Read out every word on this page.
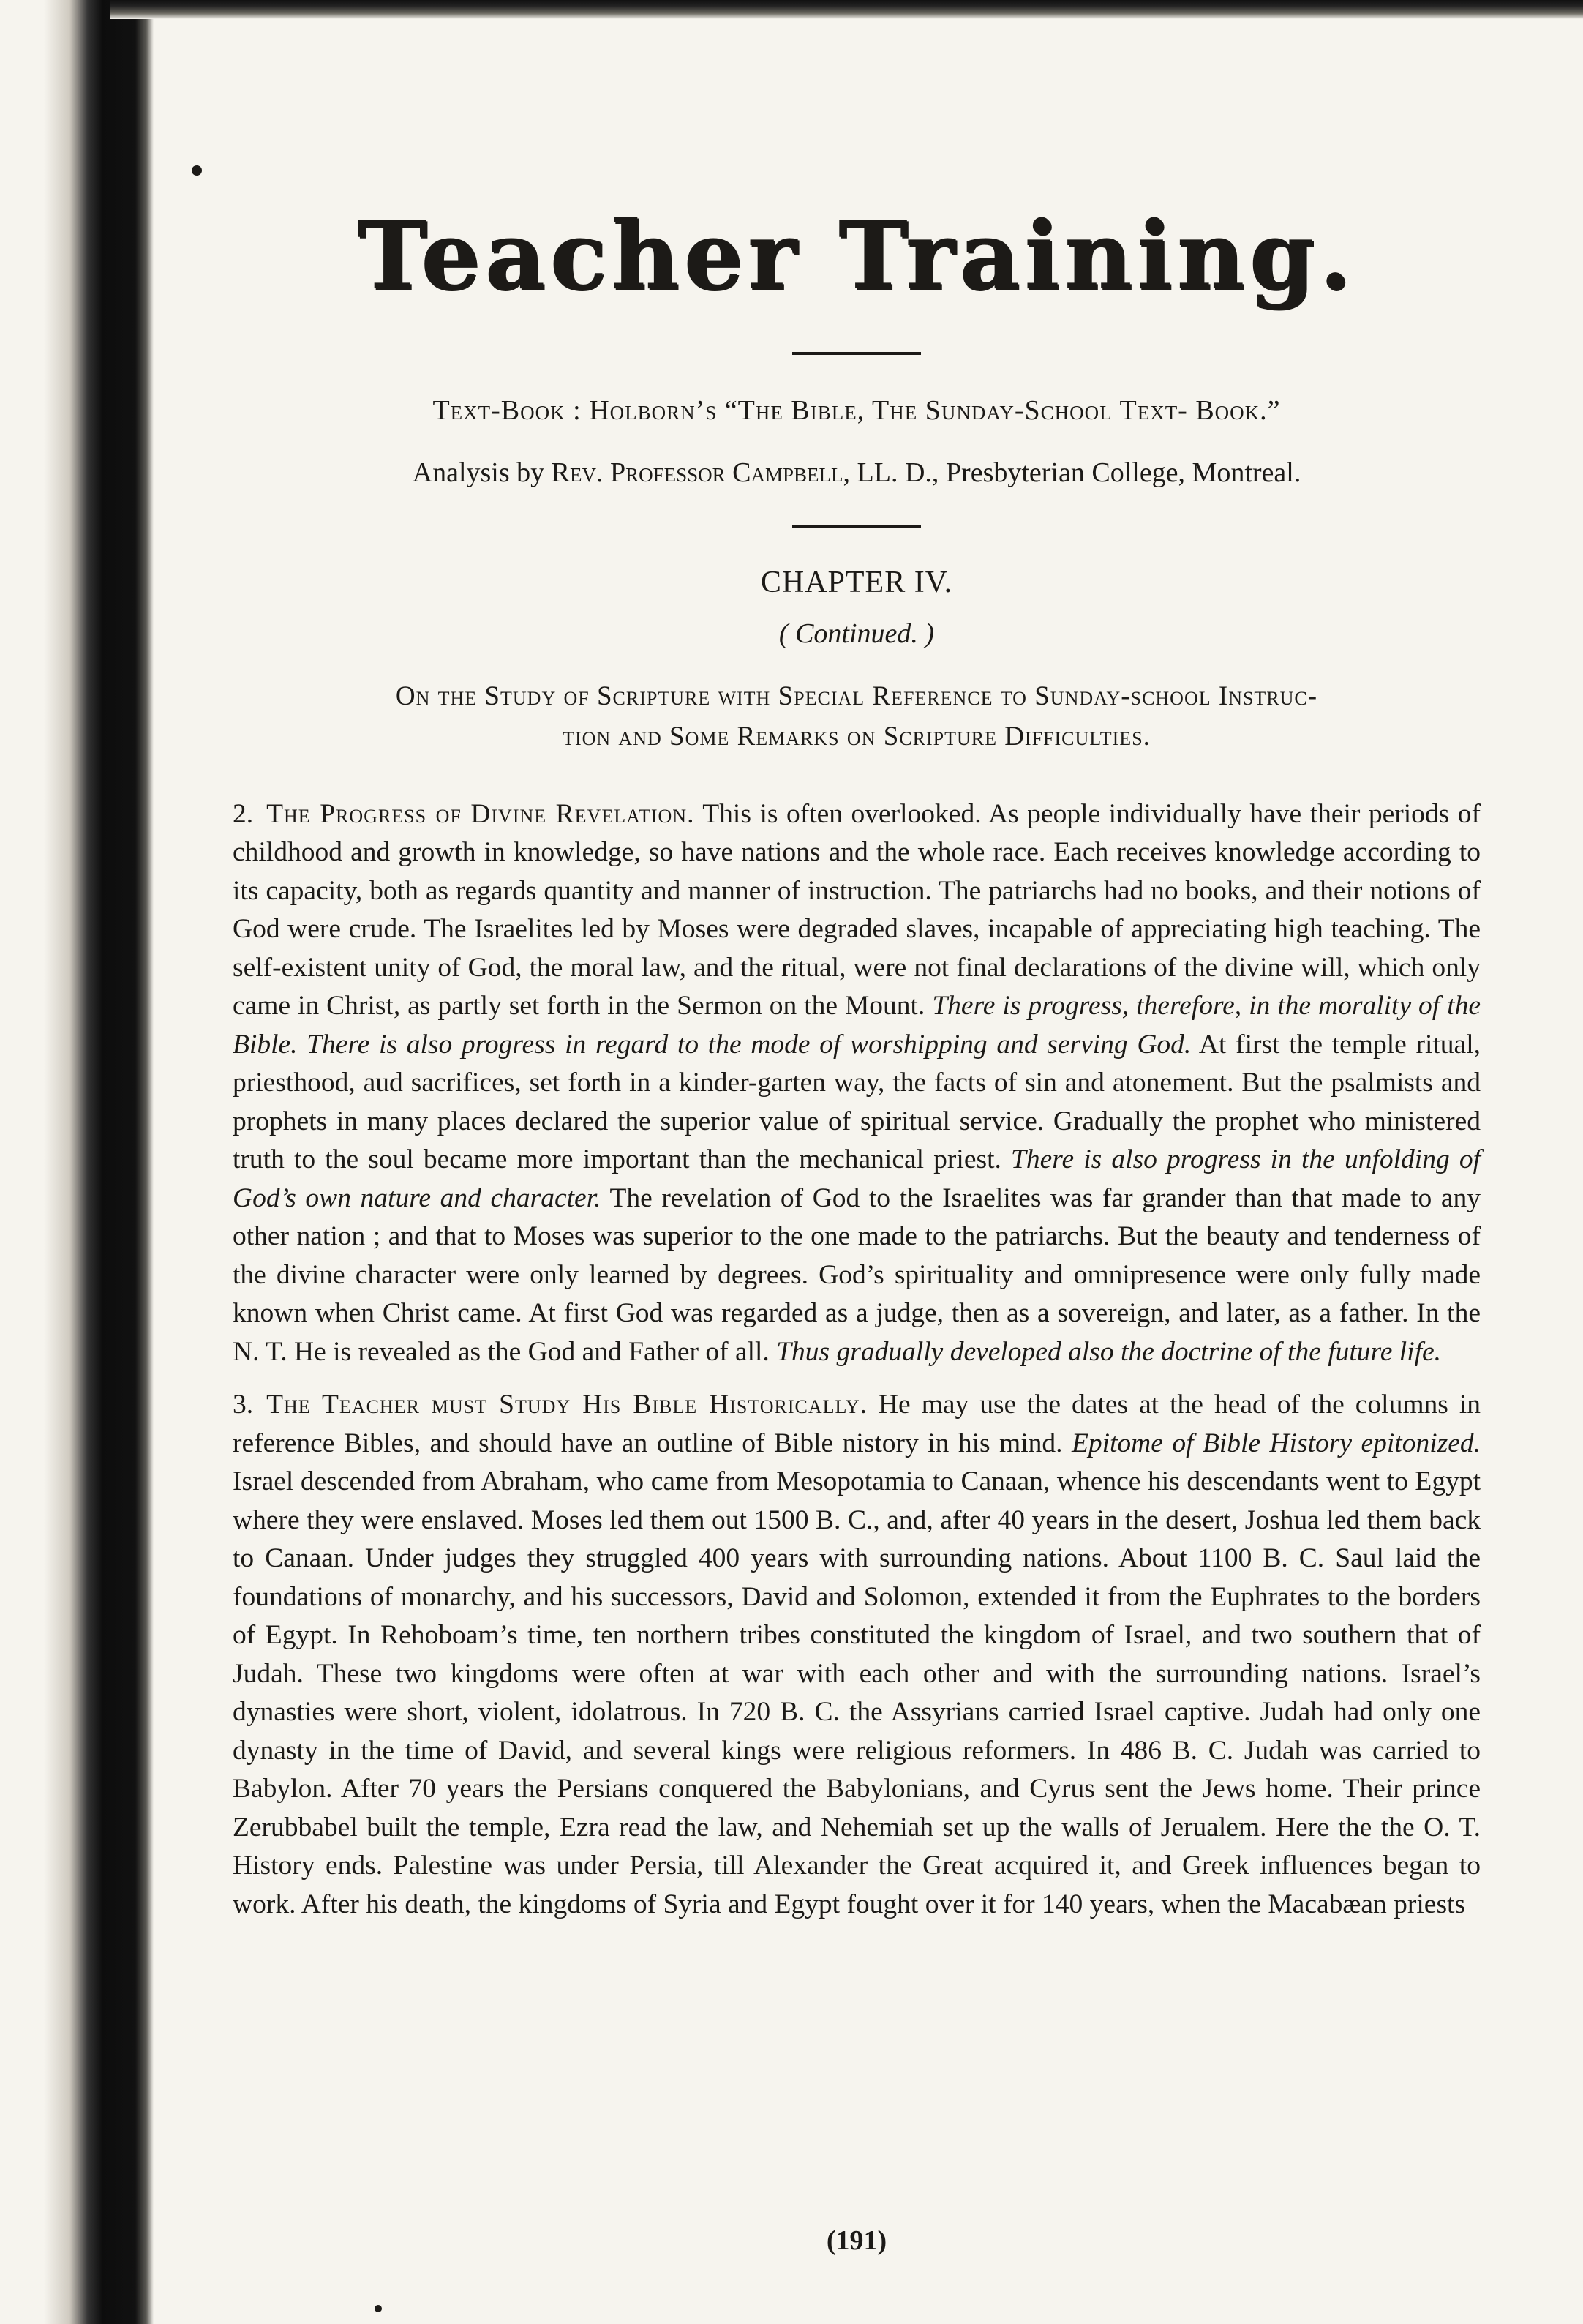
Teacher Training.
Text-Book : Holborn’s “The Bible, The Sunday-School Text- Book.”
Analysis by Rev. Professor Campbell, LL. D., Presbyterian College, Montreal.
CHAPTER IV.
( Continued. )
On the Study of Scripture with Special Reference to Sunday-school Instruc-
tion and Some Remarks on Scripture Difficulties.

2. The Progress of Divine Revelation. This is often overlooked. As people individually have their periods of childhood and growth in knowledge, so have nations and the whole race. Each receives knowledge according to its capacity, both as regards quantity and manner of instruction. The patriarchs had no books, and their notions of God were crude. The Israelites led by Moses were degraded slaves, incapable of appreciating high teaching. The self-existent unity of God, the moral law, and the ritual, were not final declarations of the divine will, which only came in Christ, as partly set forth in the Sermon on the Mount. There is progress, therefore, in the morality of the Bible. There is also progress in regard to the mode of worshipping and serving God. At first the temple ritual, priesthood, aud sacrifices, set forth in a kinder-garten way, the facts of sin and atonement. But the psalmists and prophets in many places declared the superior value of spiritual service. Gradually the prophet who ministered truth to the soul became more important than the mechanical priest. There is also progress in the unfolding of God’s own nature and character. The revelation of God to the Israelites was far grander than that made to any other nation ; and that to Moses was superior to the one made to the patriarchs. But the beauty and tenderness of the divine character were only learned by degrees. God’s spirituality and omnipresence were only fully made known when Christ came. At first God was regarded as a judge, then as a sovereign, and later, as a father. In the N. T. He is revealed as the God and Father of all. Thus gradually developed also the doctrine of the future life.

3. The Teacher must Study His Bible Historically. He may use the dates at the head of the columns in reference Bibles, and should have an outline of Bible nistory in his mind. Epitome of Bible History epitonized. Israel descended from Abraham, who came from Mesopotamia to Canaan, whence his descendants went to Egypt where they were enslaved. Moses led them out 1500 B. C., and, after 40 years in the desert, Joshua led them back to Canaan. Under judges they struggled 400 years with surrounding nations. About 1100 B. C. Saul laid the foundations of monarchy, and his successors, David and Solomon, extended it from the Euphrates to the borders of Egypt. In Rehoboam’s time, ten northern tribes constituted the kingdom of Israel, and two southern that of Judah. These two kingdoms were often at war with each other and with the surrounding nations. Israel’s dynasties were short, violent, idolatrous. In 720 B. C. the Assyrians carried Israel captive. Judah had only one dynasty in the time of David, and several kings were religious reformers. In 486 B. C. Judah was carried to Babylon. After 70 years the Persians conquered the Babylonians, and Cyrus sent the Jews home. Their prince Zerubbabel built the temple, Ezra read the law, and Nehemiah set up the walls of Jerualem. Here the the O. T. History ends. Palestine was under Persia, till Alexander the Great acquired it, and Greek influences began to work. After his death, the kingdoms of Syria and Egypt fought over it for 140 years, when the Macabæan priests

(191)
